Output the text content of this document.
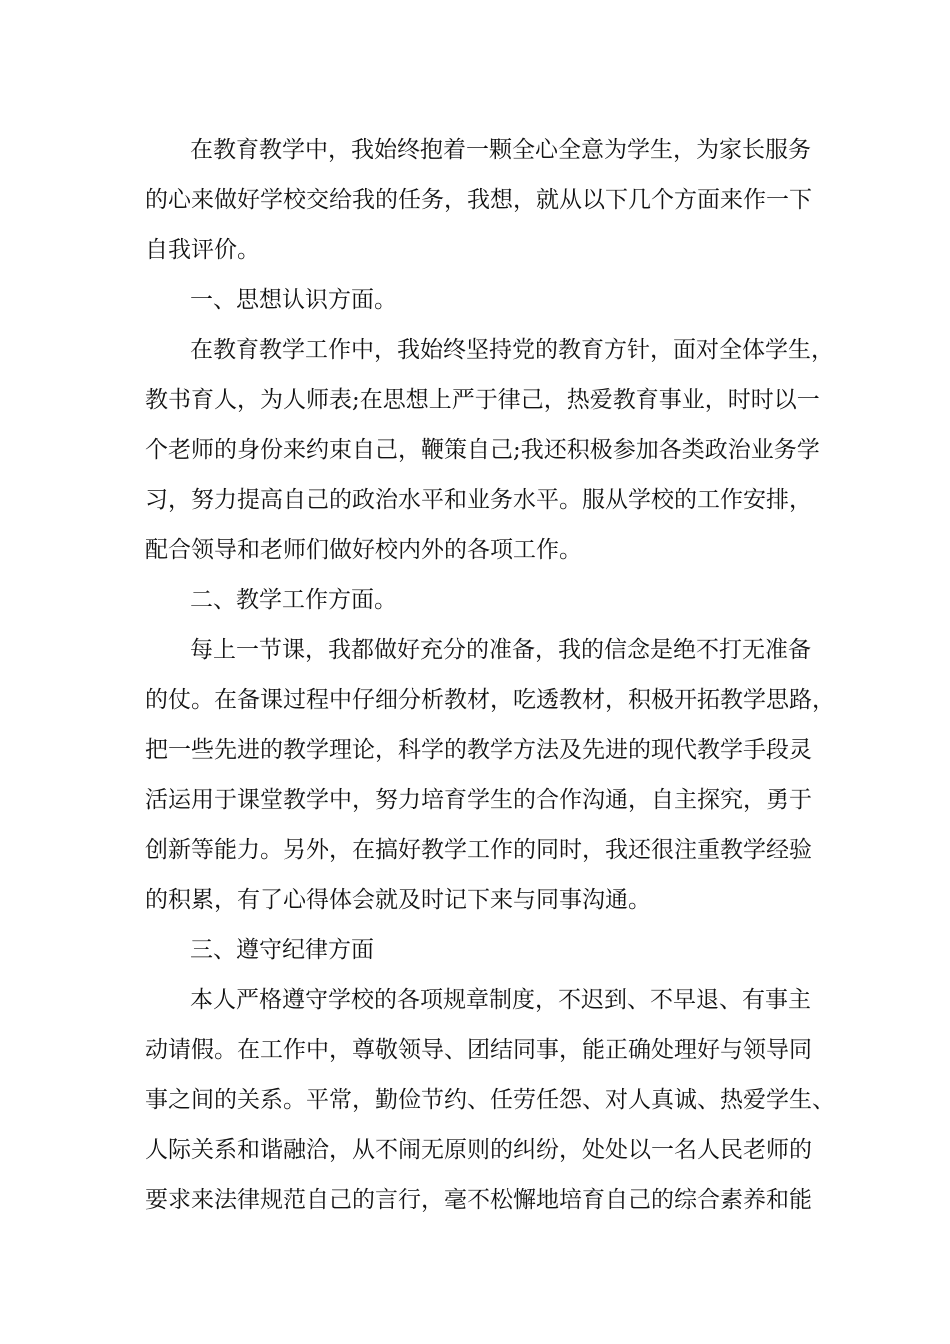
在教育教学中，我始终抱着一颗全心全意为学生，为家长服务
的心来做好学校交给我的任务，我想，就从以下几个方面来作一下
自我评价。
一、思想认识方面。
在教育教学工作中，我始终坚持党的教育方针，面对全体学生，
教书育人，为人师表;在思想上严于律己，热爱教育事业，时时以一
个老师的身份来约束自己，鞭策自己;我还积极参加各类政治业务学
习，努力提高自己的政治水平和业务水平。服从学校的工作安排，
配合领导和老师们做好校内外的各项工作。
二、教学工作方面。
每上一节课，我都做好充分的准备，我的信念是绝不打无准备
的仗。在备课过程中仔细分析教材，吃透教材，积极开拓教学思路，
把一些先进的教学理论，科学的教学方法及先进的现代教学手段灵
活运用于课堂教学中，努力培育学生的合作沟通，自主探究，勇于
创新等能力。另外，在搞好教学工作的同时，我还很注重教学经验
的积累，有了心得体会就及时记下来与同事沟通。
三、遵守纪律方面
本人严格遵守学校的各项规章制度，不迟到、不早退、有事主
动请假。在工作中，尊敬领导、团结同事，能正确处理好与领导同
事之间的关系。平常，勤俭节约、任劳任怨、对人真诚、热爱学生、
人际关系和谐融洽，从不闹无原则的纠纷，处处以一名人民老师的
要求来法律规范自己的言行，毫不松懈地培育自己的综合素养和能
